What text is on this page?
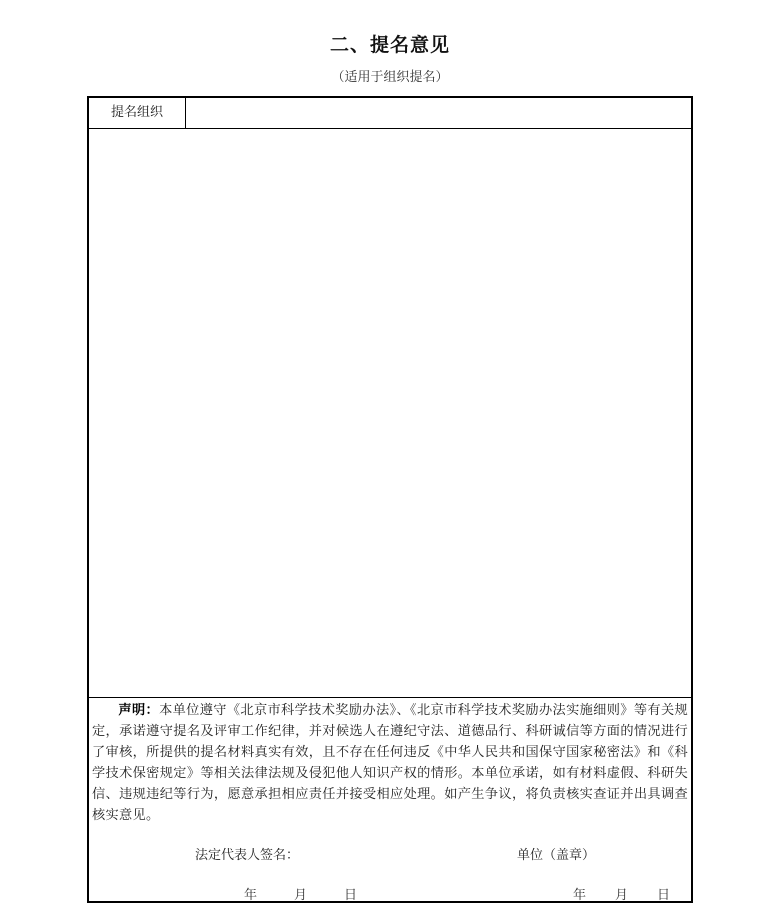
二、提名意见
（适用于组织提名）
提名组织
声明：本单位遵守《北京市科学技术奖励办法》、《北京市科学技术奖励办法实施细则》等有关规定，承诺遵守提名及评审工作纪律，并对候选人在遵纪守法、道德品行、科研诚信等方面的情况进行了审核，所提供的提名材料真实有效，且不存在任何违反《中华人民共和国保守国家秘密法》和《科学技术保密规定》等相关法律法规及侵犯他人知识产权的情形。本单位承诺，如有材料虚假、科研失信、违规违纪等行为，愿意承担相应责任并接受相应处理。如产生争议，将负责核实查证并出具调查核实意见。
法定代表人签名：	单位（盖章）
年	月	日	年 月 日
